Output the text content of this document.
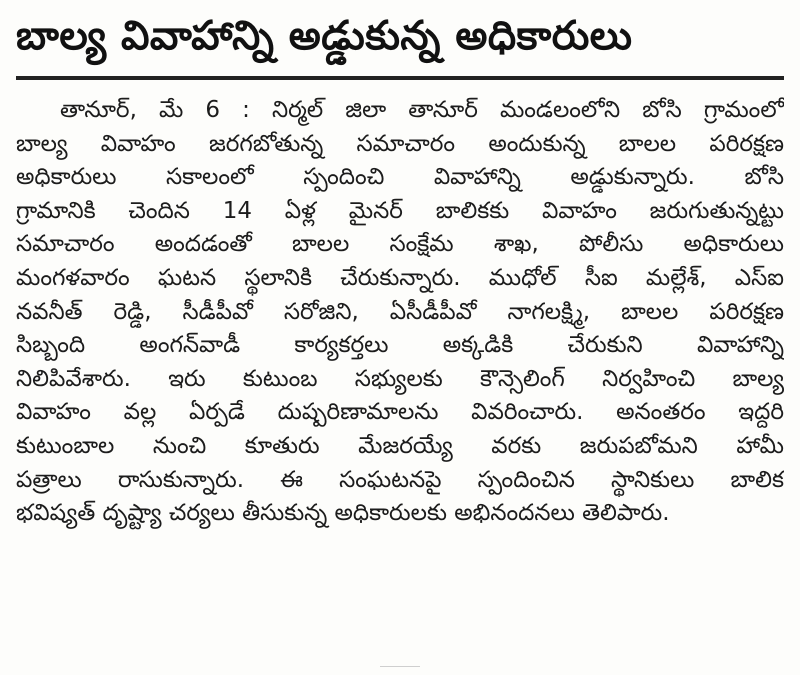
బాల్య వివాహాన్ని అడ్డుకున్న అధికారులు
తానూర్, మే 6 : నిర్మల్ జిలా తానూర్ మండలంలోని బోసి గ్రామంలో
బాల్య వివాహం జరగబోతున్న సమాచారం అందుకున్న బాలల పరిరక్షణ
అధికారులు సకాలంలో స్పందించి వివాహాన్ని అడ్డుకున్నారు. బోసి
గ్రామానికి చెందిన 14 ఏళ్ల మైనర్ బాలికకు వివాహం జరుగుతున్నట్టు
సమాచారం అందడంతో బాలల సంక్షేమ శాఖ, పోలీసు అధికారులు
మంగళవారం ఘటన స్థలానికి చేరుకున్నారు. ముధోల్ సీఐ మల్లేశ్, ఎస్ఐ
నవనీత్ రెడ్డి, సీడీపీవో సరోజిని, ఏసీడీపీవో నాగలక్ష్మి, బాలల పరిరక్షణ
సిబ్బంది అంగన్‌వాడీ కార్యకర్తలు అక్కడికి చేరుకుని వివాహాన్ని
నిలిపివేశారు. ఇరు కుటుంబ సభ్యులకు కౌన్సెలింగ్ నిర్వహించి బాల్య
వివాహం వల్ల ఏర్పడే దుష్పరిణామాలను వివరించారు. అనంతరం ఇద్దరి
కుటుంబాల నుంచి కూతురు మేజరయ్యే వరకు జరుపబోమని హామీ
పత్రాలు రాసుకున్నారు. ఈ సంఘటనపై స్పందించిన స్థానికులు బాలిక
భవిష్యత్ దృష్ట్యా చర్యలు తీసుకున్న అధికారులకు అభినందనలు తెలిపారు.
